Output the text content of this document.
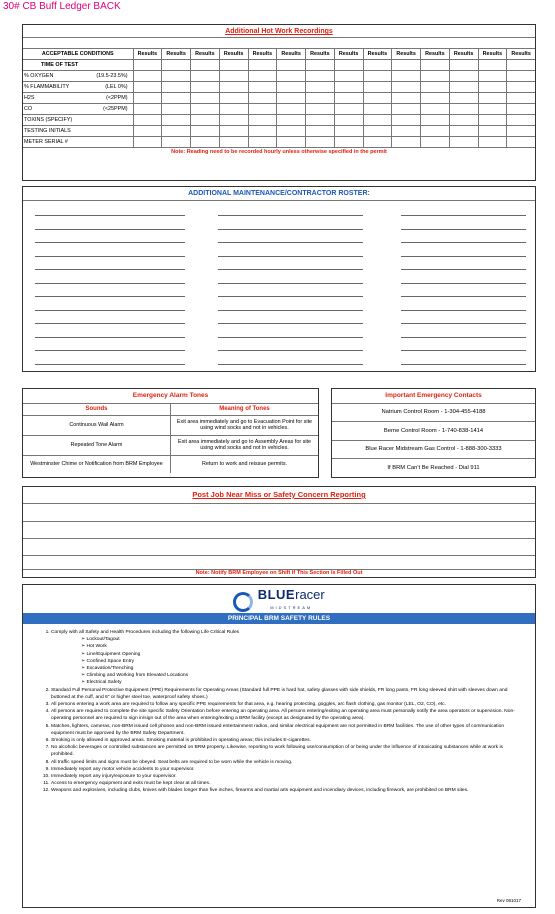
30# CB Buff Ledger BACK
Additional Hot Work Recordings
ACCEPTABLE CONDITIONS	Results	Results	Results	Results	Results	Results	Results	Results	Results	Results	Results	Results	Results	Results
TIME OF TEST

% OXYGEN (19.5-23.5%)														

% FLAMMABILITY (LEL 0%)														

H2S (<2PPM)														

CO (<25PPM)														

TOXINS (SPECIFY)

TESTING INITIALS

METER SERIAL #

Note: Reading need to be recorded hourly unless otherwise specified in the permit
ADDITIONAL MAINTENANCE/CONTRACTOR ROSTER:
Emergency Alarm Tones	
Sounds	Meaning of Tones
Continuous Wail Alarm	Exit area immediately and go to Evacuation Point for site using wind socks and not in vehicles.
Repeated Tone Alarm	Exit area immediately and go to Assembly Areas for site using wind socks and not in vehicles.
Westminster Chime or Notification from BRM Employee	Return to work and reissue permits.
Important Emergency Contacts
Natrium Control Room - 1-304-455-4188
Berne Control Room - 1-740-838-1414
Blue Racer Midstream Gas Control - 1-888-300-3333
If BRM Can't Be Reached - Dial 911
Post Job Near Miss or Safety Concern Reporting
Note: Notify BRM Employee on Shift If This Section Is Filled Out
BLUEracer
MIDSTREAM
PRINCIPAL BRM SAFETY RULES
1. Comply with all Safety and Health Procedures including the following Life Critical Rules
➢ Lockout/Tagout
➢ Hot Work
➢ Line/Equipment Opening
➢ Confined Space Entry
➢ Excavation/Trenching
➢ Climbing and Working from Elevated Locations
➢ Electrical Safety
2. Standard Full Personal Protective Equipment (PPE) Requirements for Operating Areas (Standard full PPE is hard hat, safety glasses with side shields, FR long pants, FR long sleeved shirt with sleeves down and buttoned at the cuff, and 6" or higher steel toe, waterproof safety shoes.)
3. All persons entering a work area are required to follow any specific PPE requirements for that area, e.g. hearing protecting, goggles, arc flash clothing, gas monitor (LEL, O2, CO), etc.
4. All persons are required to complete the site specific Safety Orientation before entering an operating area. All persons entering/exiting an operating area must personally notify the area operators or supervision. Non-operating personnel are required to sign in/sign out of the area when entering/exiting a BRM facility (except as designated by the operating area).
5. Matches, lighters, cameras, non-BRM issued cell phones and non-BRM issued entertainment radios, and similar electrical equipment are not permitted in BRM facilities. The use of other types of communication equipment must be approved by the BRM Safety Department.
6. Smoking is only allowed in approved areas. Smoking material is prohibited in operating areas; this includes E-cigarettes.
7. No alcoholic beverages or controlled substances are permitted on BRM property. Likewise, reporting to work following use/consumption of or being under the influence of intoxicating substances while at work is prohibited.
8. All traffic speed limits and signs must be obeyed. Seat belts are required to be worn while the vehicle is moving.
9. Immediately report any motor vehicle accidents to your supervisor.
10. Immediately report any injury/exposure to your supervisor.
11. Access to emergency equipment and exits must be kept clear at all times.
12. Weapons and explosives, including clubs, knives with blades longer than five inches, firearms and martial arts equipment and incendiary devices, including firework, are prohibited on BRM sites.
Rev 081017
